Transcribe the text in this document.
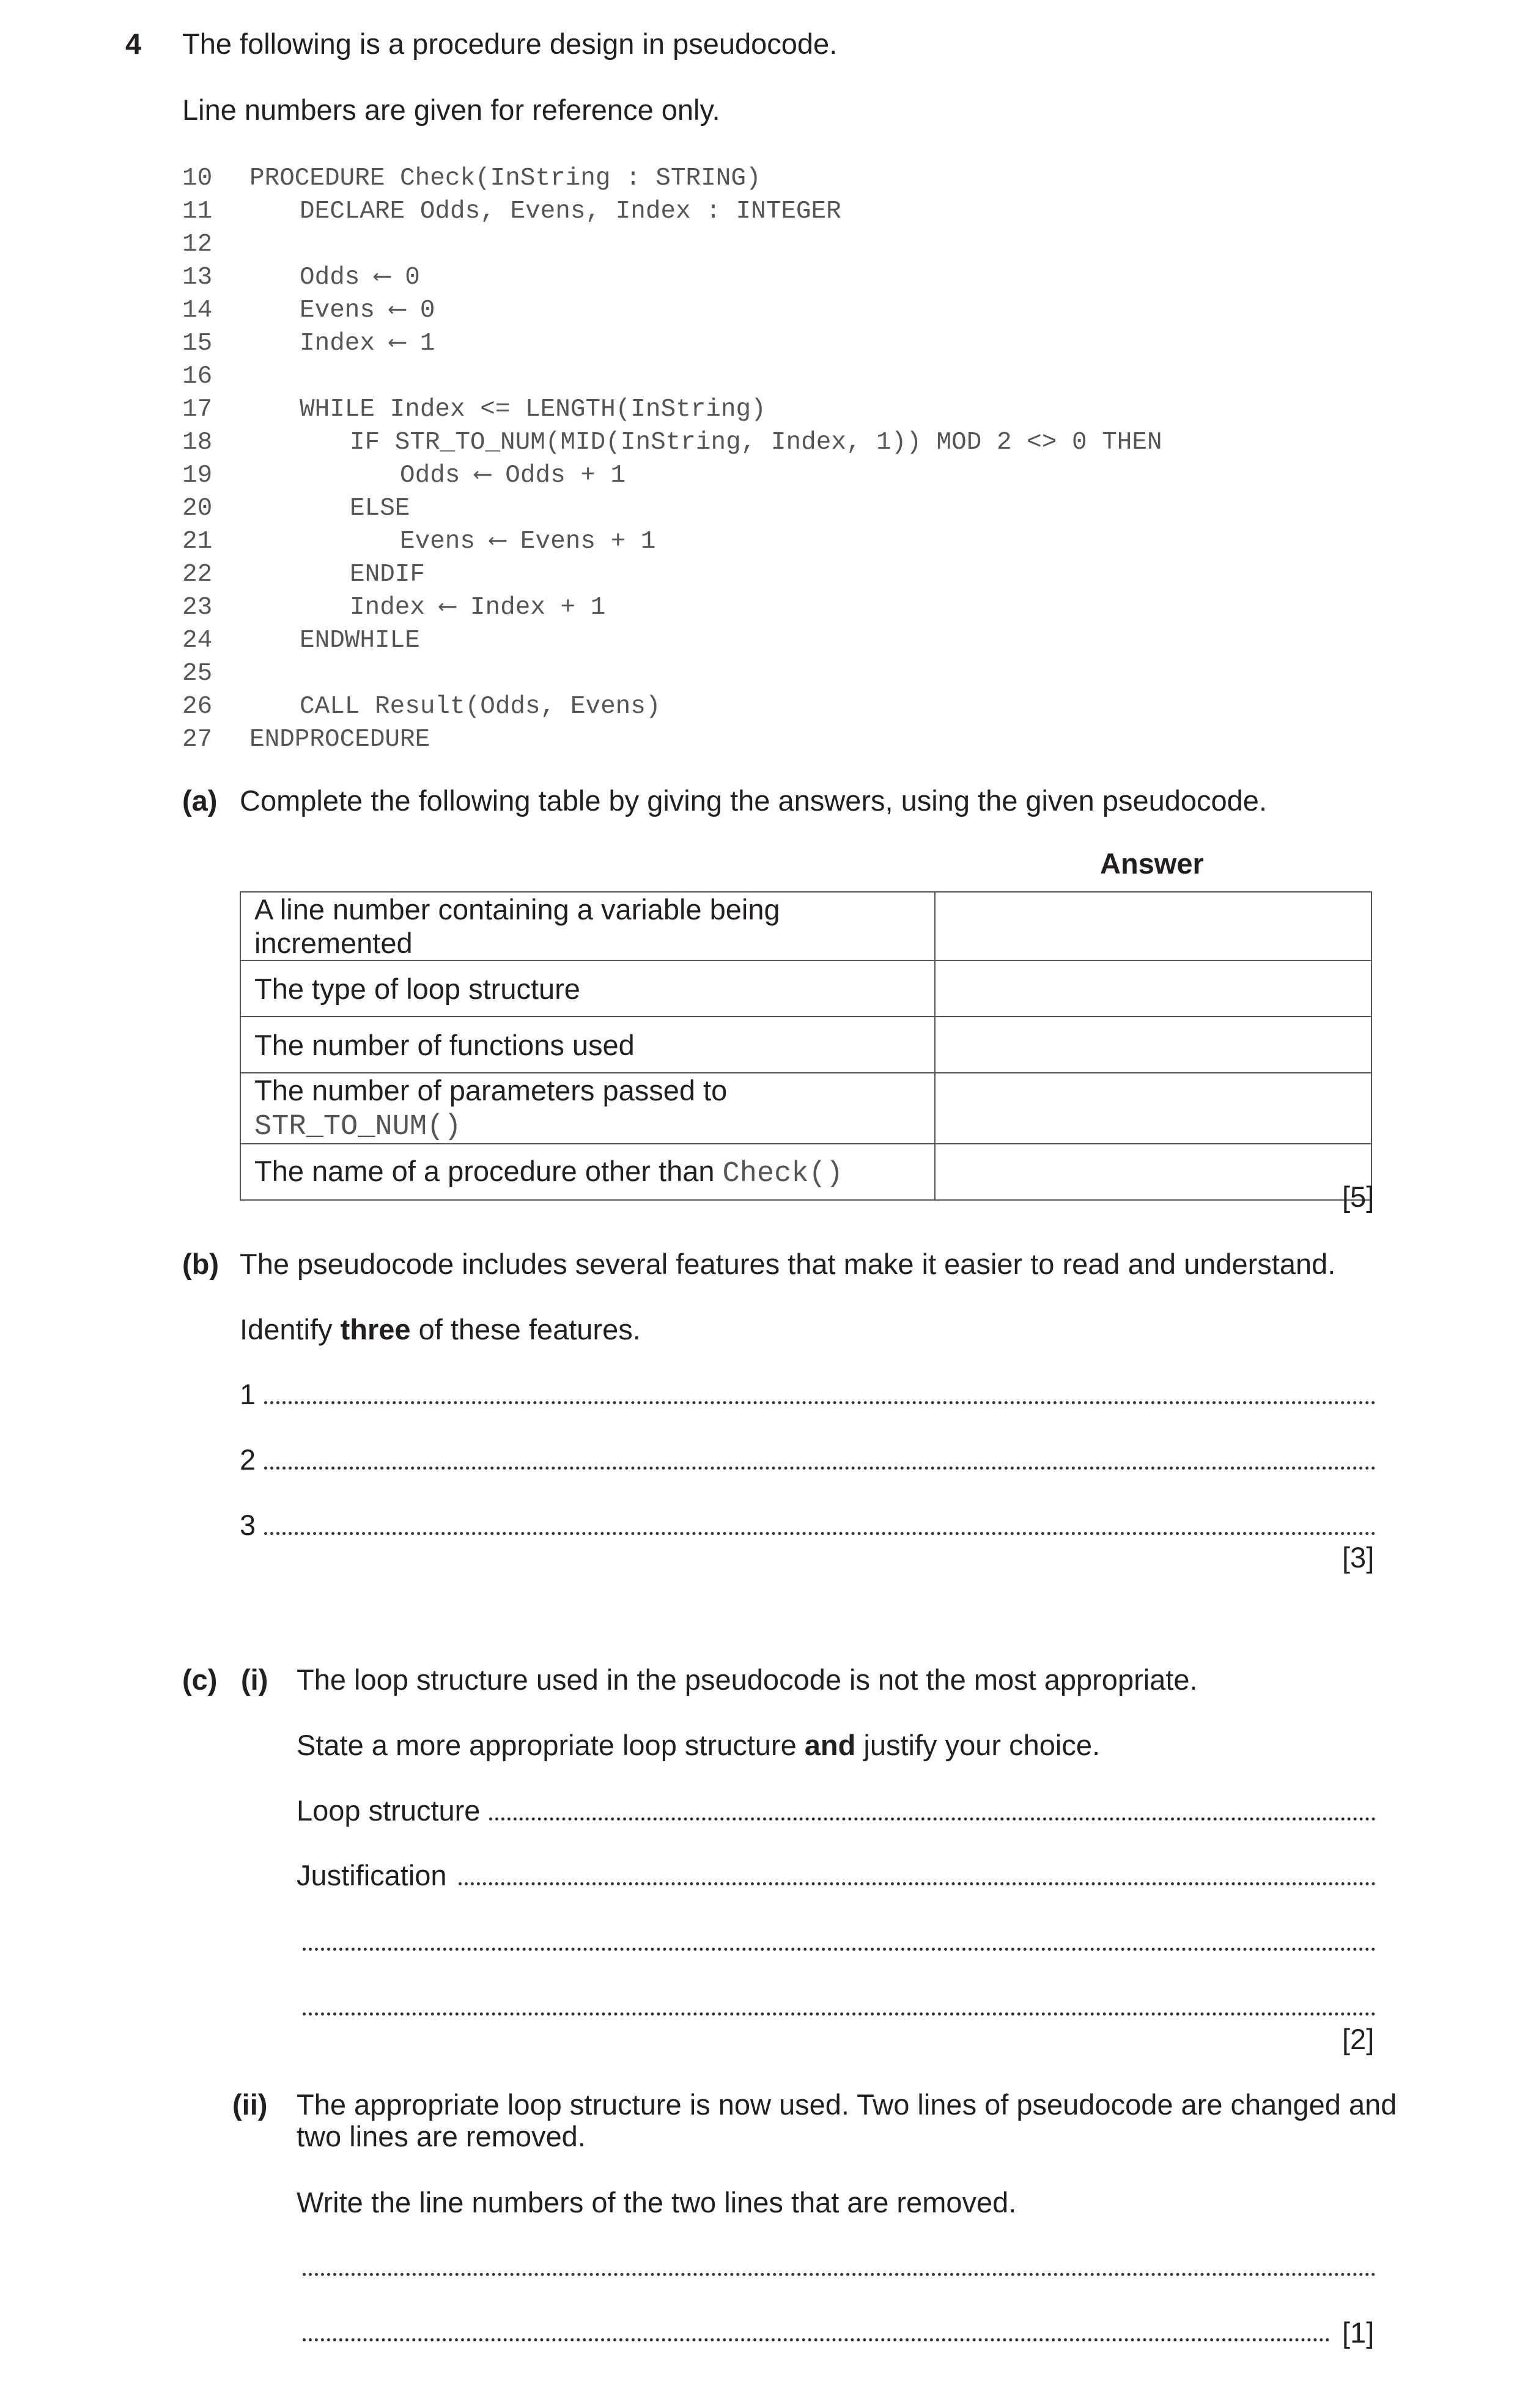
4 The following is a procedure design in pseudocode.
Line numbers are given for reference only.
10	PROCEDURE Check(InString : STRING)
11	DECLARE Odds, Evens, Index : INTEGER
12
13	Odds ⟵ 0
14	Evens ⟵ 0
15	Index ⟵ 1
16
17	WHILE Index <= LENGTH(InString)
18	IF STR_TO_NUM(MID(InString, Index, 1)) MOD 2 <> 0 THEN
19	Odds ⟵ Odds + 1
20	ELSE
21	Evens ⟵ Evens + 1
22	ENDIF
23	Index ⟵ Index + 1
24	ENDWHILE
25
26	CALL Result(Odds, Evens)
27	ENDPROCEDURE
(a) Complete the following table by giving the answers, using the given pseudocode.
Answer
A line number containing a variable being incremented	
The type of loop structure	
The number of functions used	
The number of parameters passed to STR_TO_NUM()	
The name of a procedure other than Check()	
[5]
(b) The pseudocode includes several features that make it easier to read and understand.
Identify three of these features.
1
2
3
[3]
(c) (i) The loop structure used in the pseudocode is not the most appropriate.
State a more appropriate loop structure and justify your choice.
Loop structure
Justification
[2]
(ii) The appropriate loop structure is now used. Two lines of pseudocode are changed and
two lines are removed.
Write the line numbers of the two lines that are removed.
[1]
